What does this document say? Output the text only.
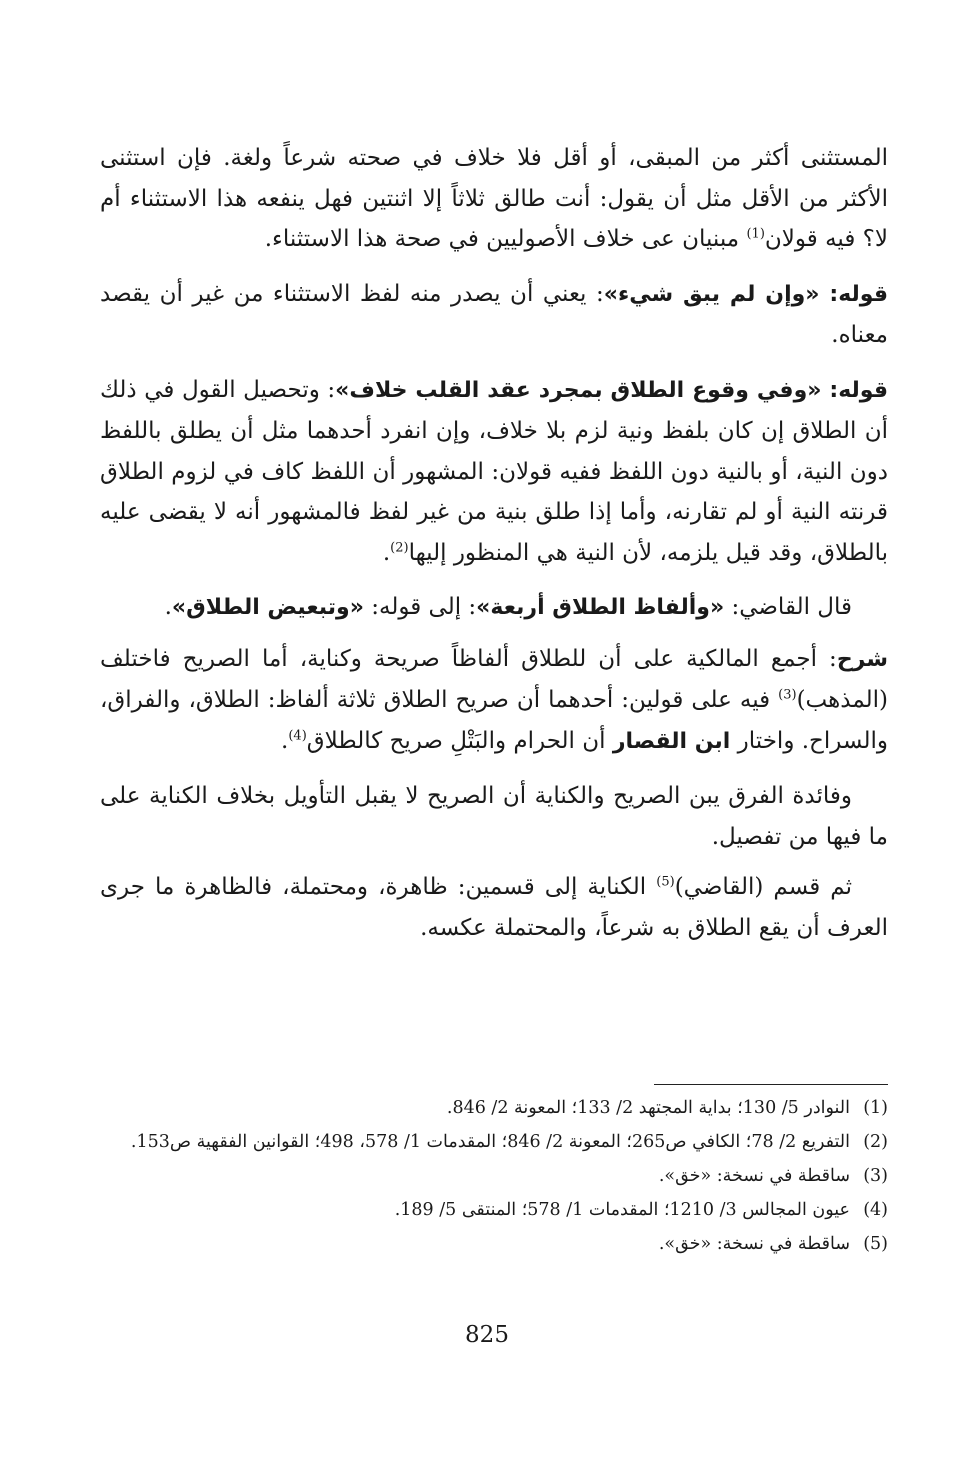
المستثنى أكثر من المبقى، أو أقل فلا خلاف في صحته شرعاً ولغة. فإن استثنى الأكثر من الأقل مثل أن يقول: أنت طالق ثلاثاً إلا اثنتين فهل ينفعه هذا الاستثناء أم لا؟ فيه قولان$^{(1)}$ مبنيان عى خلاف الأصوليين في صحة هذا الاستثناء.

قوله: «وإن لم يبق شيء»: يعني أن يصدر منه لفظ الاستثناء من غير أن يقصد معناه.

قوله: «وفي وقوع الطلاق بمجرد عقد القلب خلاف»: وتحصيل القول في ذلك أن الطلاق إن كان بلفظ ونية لزم بلا خلاف، وإن انفرد أحدهما مثل أن يطلق باللفظ دون النية، أو بالنية دون اللفظ ففيه قولان: المشهور أن اللفظ كاف في لزوم الطلاق قرنته النية أو لم تقارنه، وأما إذا طلق بنية من غير لفظ فالمشهور أنه لا يقضى عليه بالطلاق، وقد قيل يلزمه، لأن النية هي المنظور إليها$^{(2)}$.

قال القاضي: «وألفاظ الطلاق أربعة»: إلى قوله: «وتبعيض الطلاق».

شرح: أجمع المالكية على أن للطلاق ألفاظاً صريحة وكناية، أما الصريح فاختلف (المذهب)$^{(3)}$ فيه على قولين: أحدهما أن صريح الطلاق ثلاثة ألفاظ: الطلاق، والفراق، والسراح. واختار ابن القصار أن الحرام والبَتْلِ صريح كالطلاق$^{(4)}$.

وفائدة الفرق يبن الصريح والكناية أن الصريح لا يقبل التأويل بخلاف الكناية على ما فيها من تفصيل.

ثم قسم (القاضي)$^{(5)}$ الكناية إلى قسمين: ظاهرة، ومحتملة، فالظاهرة ما جرى العرف أن يقع الطلاق به شرعاً، والمحتملة عكسه.

(1)
النوادر 5/ 130؛ بداية المجتهد 2/ 133؛ المعونة 2/ 846.
(2)
التفريع 2/ 78؛ الكافي ص265؛ المعونة 2/ 846؛ المقدمات 1/ 578، 498؛ القوانين الفقهية ص153.
(3)
ساقطة في نسخة: «خق».
(4)
عيون المجالس 3/ 1210؛ المقدمات 1/ 578؛ المنتقى 5/ 189.
(5)
ساقطة في نسخة: «خق».
825
